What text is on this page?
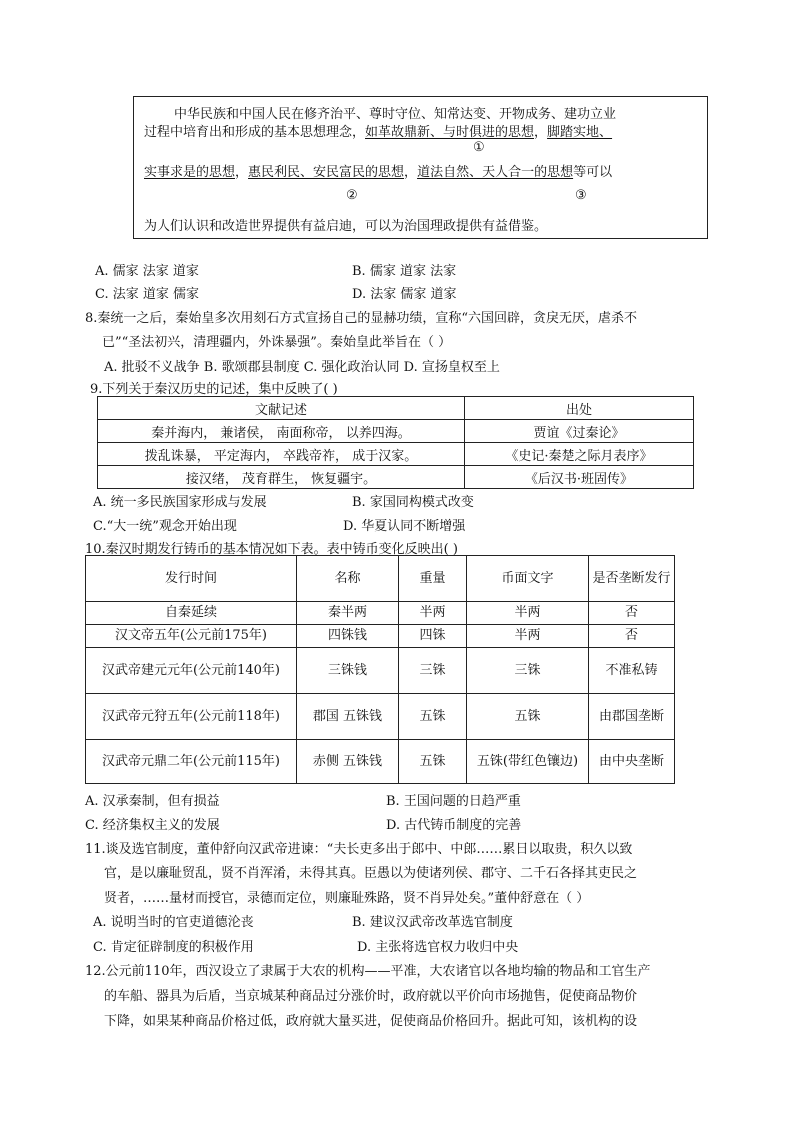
中华民族和中国人民在修齐治平、尊时守位、知常达变、开物成务、建功立业
过程中培育出和形成的基本思想理念，如革故鼎新、与时俱进的思想，脚踏实地、
①
实事求是的思想，惠民利民、安民富民的思想，道法自然、天人合一的思想等可以
②	③
为人们认识和改造世界提供有益启迪，可以为治国理政提供有益借鉴。
A. 儒家 法家 道家	B. 儒家 道家 法家
C. 法家 道家 儒家	D. 法家 儒家 道家
8.秦统一之后，秦始皇多次用刻石方式宣扬自己的显赫功绩，宣称“六国回辟，贪戾无厌，虐杀不
已”“圣法初兴，清理疆内，外诛暴强”。秦始皇此举旨在（ ）
A. 批驳不义战争 B. 歌颂郡县制度 C. 强化政治认同 D. 宣扬皇权至上
9.下列关于秦汉历史的记述，集中反映了( )
文献记述	出处
秦并海内， 兼诸侯， 南面称帝， 以养四海。	贾谊《过秦论》
拨乱诛暴， 平定海内， 卒践帝祚， 成于汉家。	《史记·秦楚之际月表序》
接汉绪， 茂育群生， 恢复疆宇。	《后汉书·班固传》
A. 统一多民族国家形成与发展	B. 家国同构模式改变
C.“大一统”观念开始出现	D. 华夏认同不断增强
10.秦汉时期发行铸币的基本情况如下表。表中铸币变化反映出( )
发行时间	名称	重量	币面文字	是否垄断发行
自秦延续	秦半两	半两	半两	否
汉文帝五年(公元前175年)	四铢钱	四铢	半两	否
汉武帝建元元年(公元前140年)	三铢钱	三铢	三铢	不准私铸
汉武帝元狩五年(公元前118年)	郡国 五铢钱	五铢	五铢	由郡国垄断
汉武帝元鼎二年(公元前115年)	赤侧 五铢钱	五铢	五铢(带红色镶边)	由中央垄断
A. 汉承秦制，但有损益	B. 王国问题的日趋严重
C. 经济集权主义的发展	D. 古代铸币制度的完善
11.谈及选官制度，董仲舒向汉武帝进谏：“夫长吏多出于郎中、中郎……累日以取贵，积久以致
官，是以廉耻贸乱，贤不肖浑淆，未得其真。臣愚以为使诸列侯、郡守、二千石各择其吏民之
贤者，……量材而授官，录德而定位，则廉耻殊路，贤不肖异处矣。”董仲舒意在（ ）
A. 说明当时的官吏道德沦丧	B. 建议汉武帝改革选官制度
C. 肯定征辟制度的积极作用	D. 主张将选官权力收归中央
12.公元前110年，西汉设立了隶属于大农的机构——平准，大农诸官以各地均输的物品和工官生产
的车船、器具为后盾，当京城某种商品过分涨价时，政府就以平价向市场抛售，促使商品物价
下降，如果某种商品价格过低，政府就大量买进，促使商品价格回升。据此可知，该机构的设
